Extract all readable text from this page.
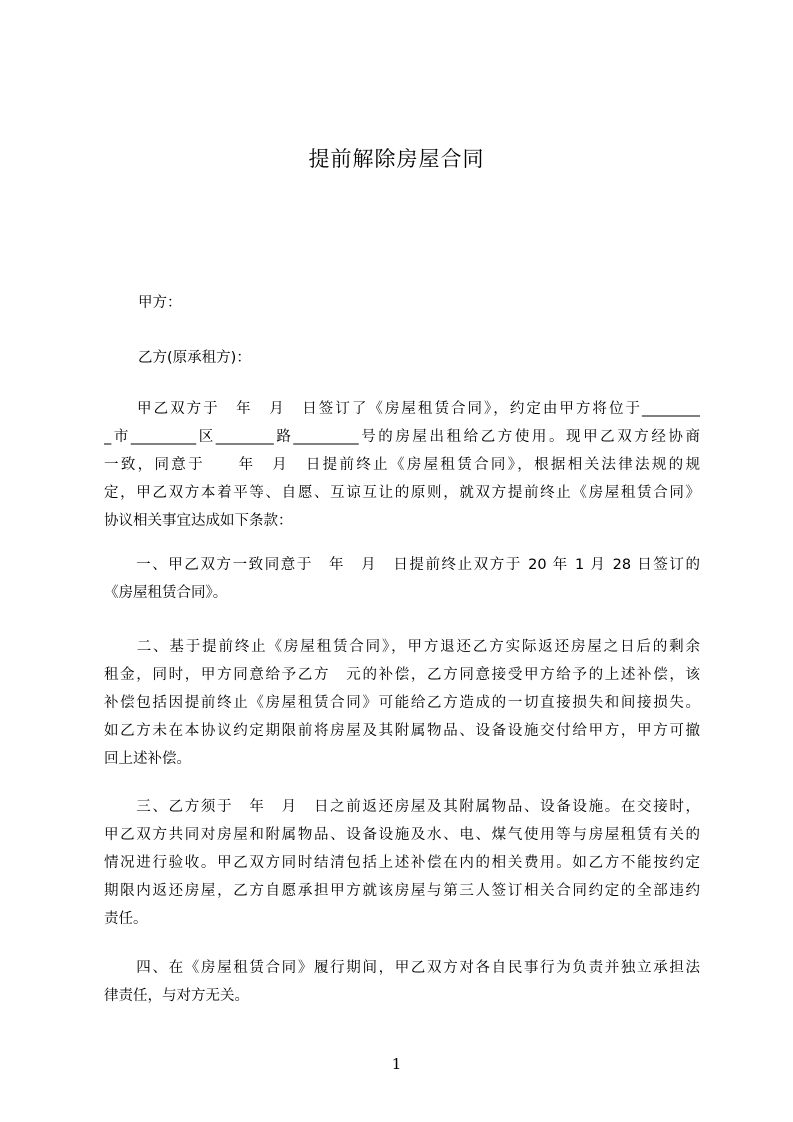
提前解除房屋合同
甲方：
乙方(原承租方)：
　　甲乙双方于　年　月　日签订了《房屋租赁合同》，约定由甲方将位于________
_市_________区________路_________号的房屋出租给乙方使用。现甲乙双方经协商
一致，同意于　　年　月　日提前终止《房屋租赁合同》，根据相关法律法规的规
定，甲乙双方本着平等、自愿、互谅互让的原则，就双方提前终止《房屋租赁合同》
协议相关事宜达成如下条款：
　　一、甲乙双方一致同意于　年　月　日提前终止双方于 20 年 1 月 28 日签订的
《房屋租赁合同》。
　　二、基于提前终止《房屋租赁合同》，甲方退还乙方实际返还房屋之日后的剩余
租金，同时，甲方同意给予乙方　元的补偿，乙方同意接受甲方给予的上述补偿，该
补偿包括因提前终止《房屋租赁合同》可能给乙方造成的一切直接损失和间接损失。
如乙方未在本协议约定期限前将房屋及其附属物品、设备设施交付给甲方，甲方可撤
回上述补偿。
　　三、乙方须于　年　月　日之前返还房屋及其附属物品、设备设施。在交接时，
甲乙双方共同对房屋和附属物品、设备设施及水、电、煤气使用等与房屋租赁有关的
情况进行验收。甲乙双方同时结清包括上述补偿在内的相关费用。如乙方不能按约定
期限内返还房屋，乙方自愿承担甲方就该房屋与第三人签订相关合同约定的全部违约
责任。
　　四、在《房屋租赁合同》履行期间，甲乙双方对各自民事行为负责并独立承担法
律责任，与对方无关。
1
